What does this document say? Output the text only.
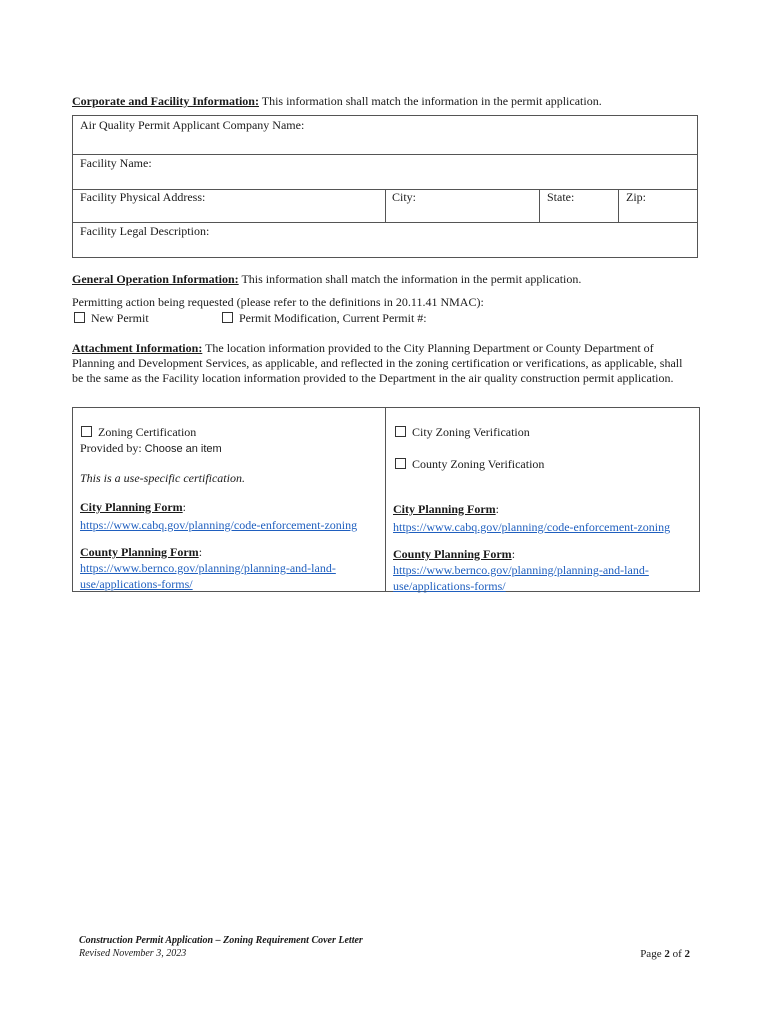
Corporate and Facility Information: This information shall match the information in the permit application.
Air Quality Permit Applicant Company Name:
Facility Name:
Facility Physical Address:	City:	State:	Zip:
Facility Legal Description:
General Operation Information: This information shall match the information in the permit application.
Permitting action being requested (please refer to the definitions in 20.11.41 NMAC):
New Permit	Permit Modification, Current Permit #:
Attachment Information: The location information provided to the City Planning Department or County Department of Planning and Development Services, as applicable, and reflected in the zoning certification or verifications, as applicable, shall be the same as the Facility location information provided to the Department in the air quality construction permit application.
Zoning Certification
Provided by: Choose an item
This is a use-specific certification.
City Planning Form:
https://www.cabq.gov/planning/code-enforcement-zoning
County Planning Form:
https://www.bernco.gov/planning/planning-and-land-
use/applications-forms/
City Zoning Verification
County Zoning Verification
City Planning Form:
https://www.cabq.gov/planning/code-enforcement-zoning
County Planning Form:
https://www.bernco.gov/planning/planning-and-land-
use/applications-forms/
Construction Permit Application – Zoning Requirement Cover Letter
Revised November 3, 2023	Page 2 of 2
